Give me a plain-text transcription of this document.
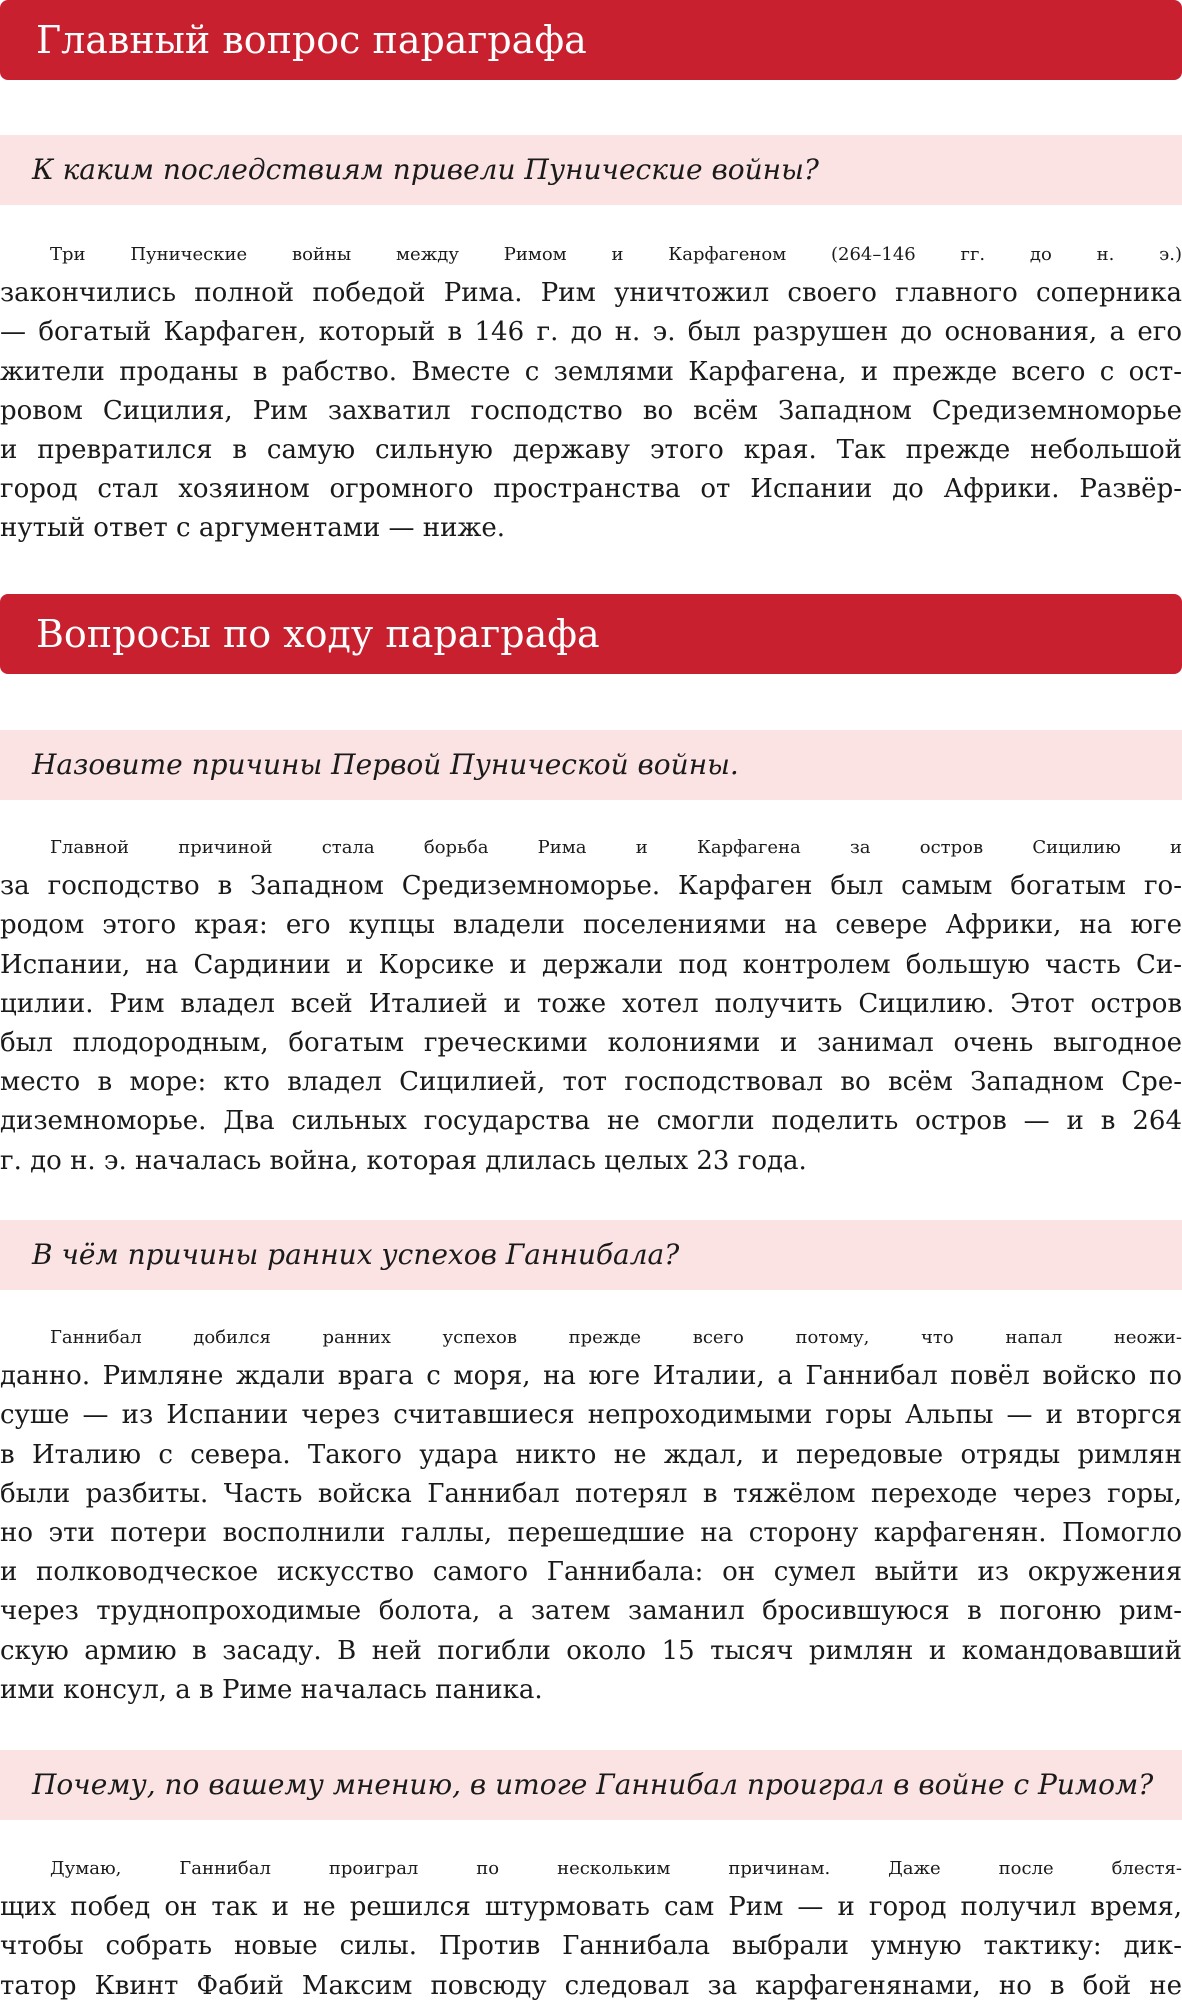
Главный вопрос параграфа
К каким последствиям привели Пунические войны?
Три Пунические войны между Римом и Карфагеном (264–146 гг. до н. э.)
закончились полной победой Рима. Рим уничтожил своего главного соперника
— богатый Карфаген, который в 146 г. до н. э. был разрушен до основания, а его
жители проданы в рабство. Вместе с землями Карфагена, и прежде всего с ост-
ровом Сицилия, Рим захватил господство во всём Западном Средиземноморье
и превратился в самую сильную державу этого края. Так прежде небольшой
город стал хозяином огромного пространства от Испании до Африки. Развёр-
нутый ответ с аргументами — ниже.
Вопросы по ходу параграфа
Назовите причины Первой Пунической войны.
Главной причиной стала борьба Рима и Карфагена за остров Сицилию и
за господство в Западном Средиземноморье. Карфаген был самым богатым го-
родом этого края: его купцы владели поселениями на севере Африки, на юге
Испании, на Сардинии и Корсике и держали под контролем большую часть Си-
цилии. Рим владел всей Италией и тоже хотел получить Сицилию. Этот остров
был плодородным, богатым греческими колониями и занимал очень выгодное
место в море: кто владел Сицилией, тот господствовал во всём Западном Сре-
диземноморье. Два сильных государства не смогли поделить остров — и в 264
г. до н. э. началась война, которая длилась целых 23 года.
В чём причины ранних успехов Ганнибала?
Ганнибал добился ранних успехов прежде всего потому, что напал неожи-
данно. Римляне ждали врага с моря, на юге Италии, а Ганнибал повёл войско по
суше — из Испании через считавшиеся непроходимыми горы Альпы — и вторгся
в Италию с севера. Такого удара никто не ждал, и передовые отряды римлян
были разбиты. Часть войска Ганнибал потерял в тяжёлом переходе через горы,
но эти потери восполнили галлы, перешедшие на сторону карфагенян. Помогло
и полководческое искусство самого Ганнибала: он сумел выйти из окружения
через труднопроходимые болота, а затем заманил бросившуюся в погоню рим-
скую армию в засаду. В ней погибли около 15 тысяч римлян и командовавший
ими консул, а в Риме началась паника.
Почему, по вашему мнению, в итоге Ганнибал проиграл в войне с Римом?
Думаю, Ганнибал проиграл по нескольким причинам. Даже после блестя-
щих побед он так и не решился штурмовать сам Рим — и город получил время,
чтобы собрать новые силы. Против Ганнибала выбрали умную тактику: дик-
татор Квинт Фабий Максим повсюду следовал за карфагенянами, но в бой не
